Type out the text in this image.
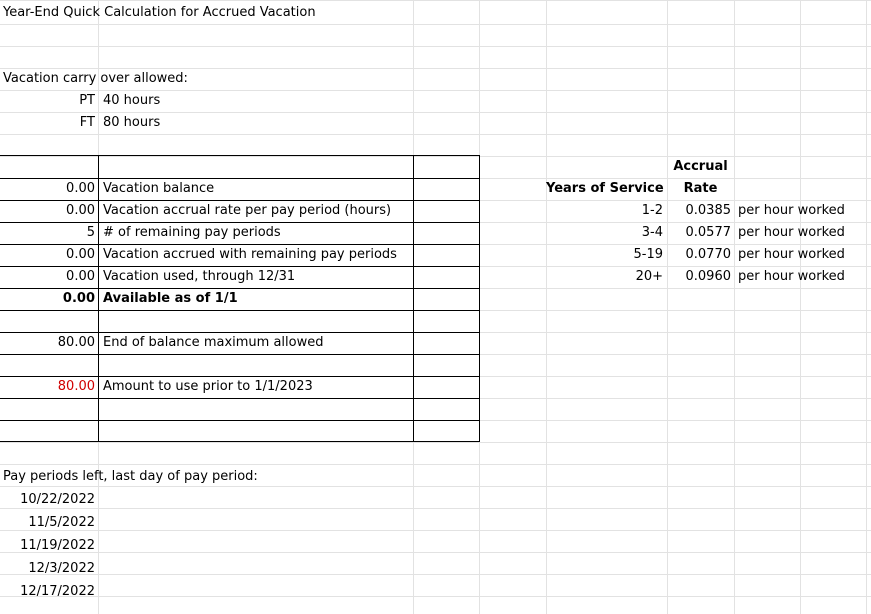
Year-End Quick Calculation for Accrued Vacation
Vacation carry over allowed:
PT 40 hours
FT 80 hours
0.00 Vacation balance
0.00 Vacation accrual rate per pay period (hours)
5 # of remaining pay periods
0.00 Vacation accrued with remaining pay periods
0.00 Vacation used, through 12/31
0.00 Available as of 1/1
80.00 End of balance maximum allowed
80.00 Amount to use prior to 1/1/2023
Accrual
Years of Service	Rate
1-2	0.0385 per hour worked
3-4	0.0577 per hour worked
5-19	0.0770 per hour worked
20+	0.0960 per hour worked
Pay periods left, last day of pay period:
10/22/2022
11/5/2022
11/19/2022
12/3/2022
12/17/2022
